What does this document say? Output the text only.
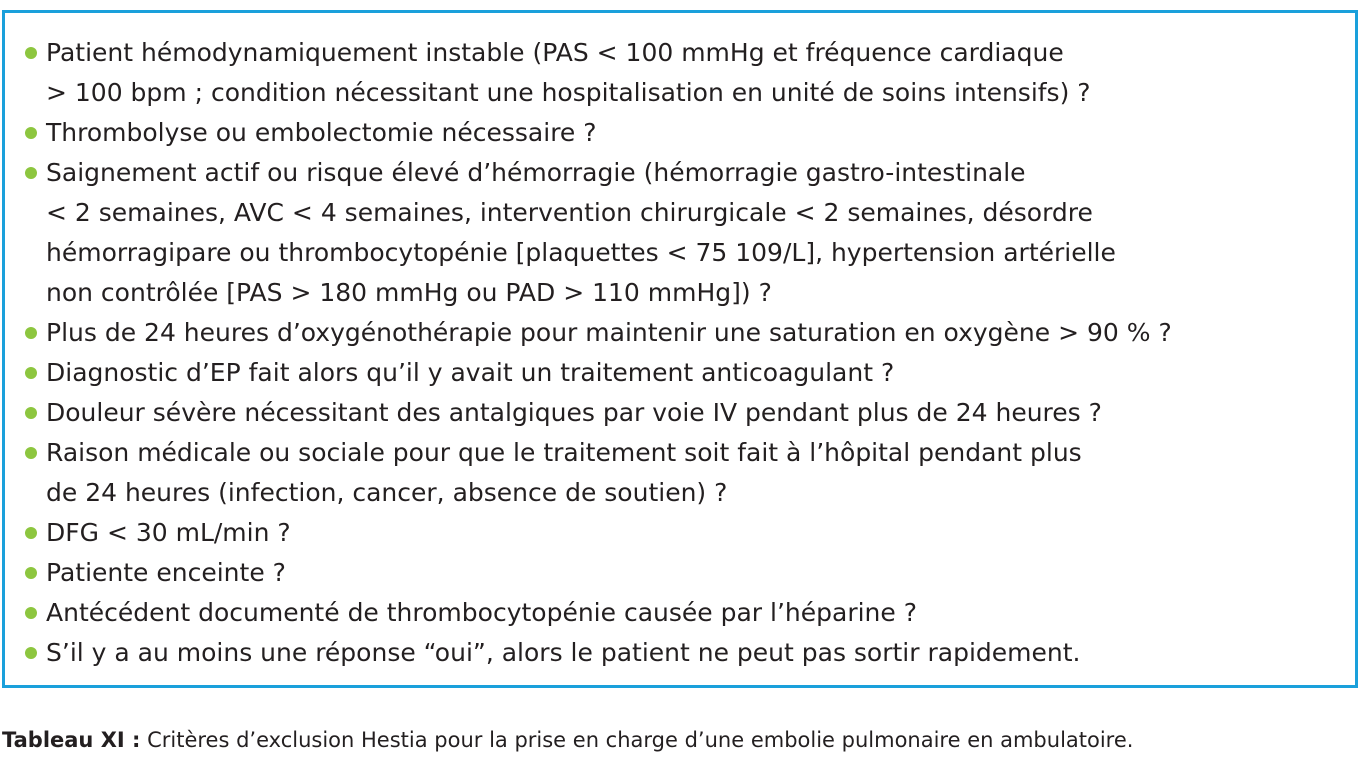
Patient hémodynamiquement instable (PAS < 100 mmHg et fréquence cardiaque
> 100 bpm ; condition nécessitant une hospitalisation en unité de soins intensifs) ?
Thrombolyse ou embolectomie nécessaire ?
Saignement actif ou risque élevé d’hémorragie (hémorragie gastro-intestinale
< 2 semaines, AVC < 4 semaines, intervention chirurgicale < 2 semaines, désordre
hémorragipare ou thrombocytopénie [plaquettes < 75 109/L], hypertension artérielle
non contrôlée [PAS > 180 mmHg ou PAD > 110 mmHg]) ?
Plus de 24 heures d’oxygénothérapie pour maintenir une saturation en oxygène > 90 % ?
Diagnostic d’EP fait alors qu’il y avait un traitement anticoagulant ?
Douleur sévère nécessitant des antalgiques par voie IV pendant plus de 24 heures ?
Raison médicale ou sociale pour que le traitement soit fait à l’hôpital pendant plus
de 24 heures (infection, cancer, absence de soutien) ?
DFG < 30 mL/min ?
Patiente enceinte ?
Antécédent documenté de thrombocytopénie causée par l’héparine ?
S’il y a au moins une réponse “oui”, alors le patient ne peut pas sortir rapidement.
Tableau XI : Critères d’exclusion Hestia pour la prise en charge d’une embolie pulmonaire en ambulatoire.
